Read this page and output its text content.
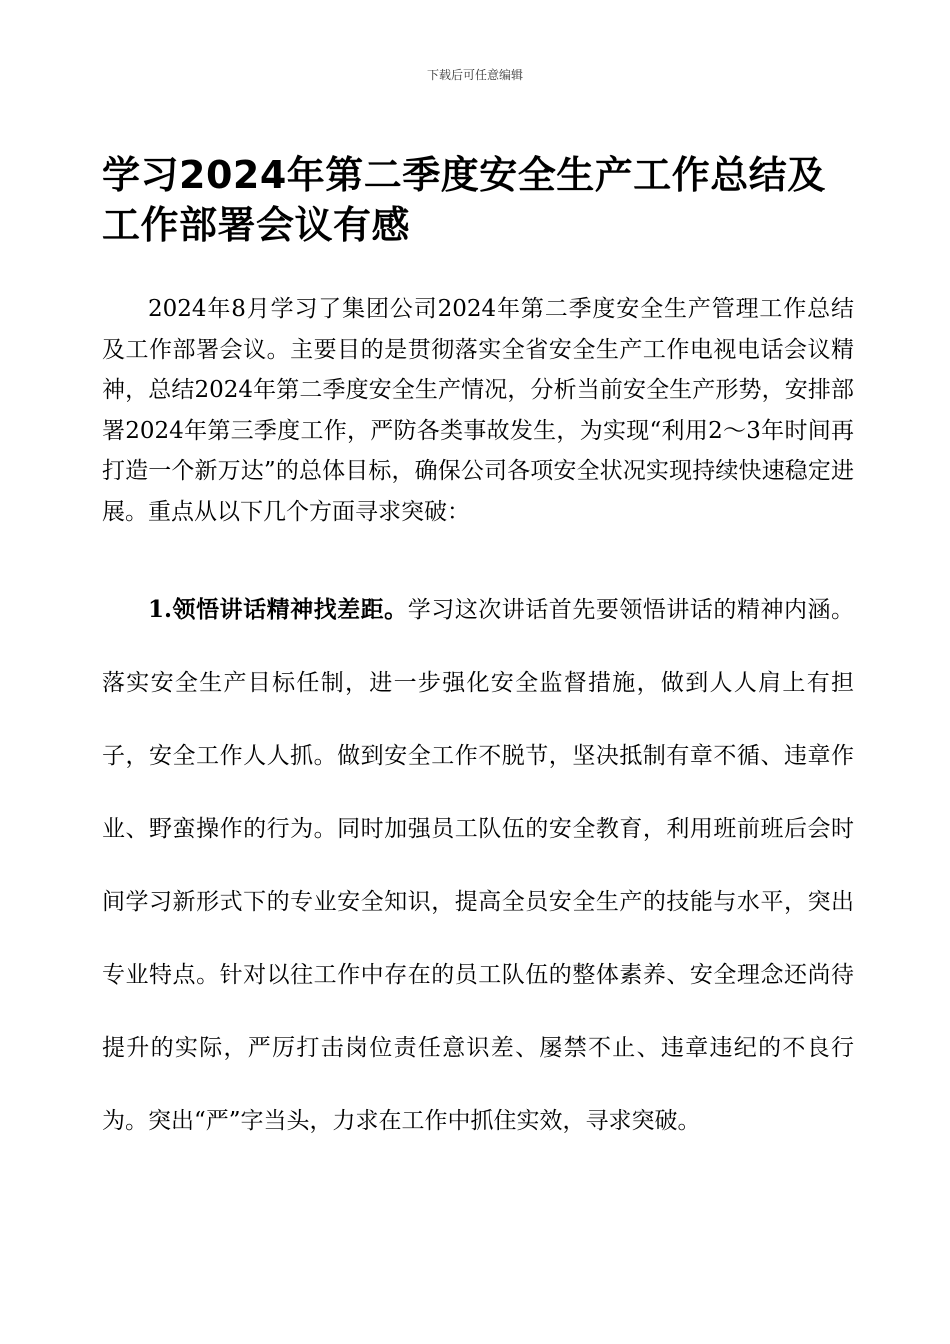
下载后可任意编辑
学习2024年第二季度安全生产工作总结及工作部署会议有感

2024年8月学习了集团公司2024年第二季度安全生产管理工作总结及工作部署会议。主要目的是贯彻落实全省安全生产工作电视电话会议精神，总结2024年第二季度安全生产情况，分析当前安全生产形势，安排部署2024年第三季度工作，严防各类事故发生，为实现“利用2～3年时间再打造一个新万达”的总体目标，确保公司各项安全状况实现持续快速稳定进展。重点从以下几个方面寻求突破：

1.领悟讲话精神找差距。学习这次讲话首先要领悟讲话的精神内涵。落实安全生产目标任制，进一步强化安全监督措施，做到人人肩上有担子，安全工作人人抓。做到安全工作不脱节，坚决抵制有章不循、违章作业、野蛮操作的行为。同时加强员工队伍的安全教育，利用班前班后会时间学习新形式下的专业安全知识，提高全员安全生产的技能与水平，突出专业特点。针对以往工作中存在的员工队伍的整体素养、安全理念还尚待提升的实际，严厉打击岗位责任意识差、屡禁不止、违章违纪的不良行为。突出“严”字当头，力求在工作中抓住实效，寻求突破。
